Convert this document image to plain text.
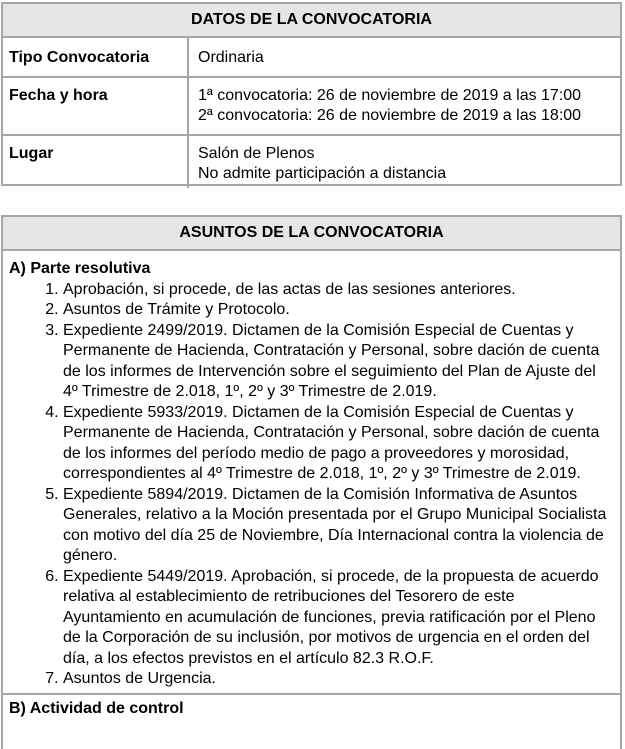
DATOS DE LA CONVOCATORIA
Tipo Convocatoria	Ordinaria

Fecha y hora	1ª convocatoria: 26 de noviembre de 2019 a las 17:00
2ª convocatoria: 26 de noviembre de 2019 a las 18:00

Lugar	Salón de Plenos
No admite participación a distancia
ASUNTOS DE LA CONVOCATORIA
A) Parte resolutiva
1. Aprobación, si procede, de las actas de las sesiones anteriores.
2. Asuntos de Trámite y Protocolo.
3. Expediente 2499/2019. Dictamen de la Comisión Especial de Cuentas y Permanente de Hacienda, Contratación y Personal, sobre dación de cuenta de los informes de Intervención sobre el seguimiento del Plan de Ajuste del 4º Trimestre de 2.018, 1º, 2º y 3º Trimestre de 2.019.
4. Expediente 5933/2019. Dictamen de la Comisión Especial de Cuentas y Permanente de Hacienda, Contratación y Personal, sobre dación de cuenta de los informes del período medio de pago a proveedores y morosidad, correspondientes al 4º Trimestre de 2.018, 1º, 2º y 3º Trimestre de 2.019.
5. Expediente 5894/2019. Dictamen de la Comisión Informativa de Asuntos Generales, relativo a la Moción presentada por el Grupo Municipal Socialista con motivo del día 25 de Noviembre, Día Internacional contra la violencia de género.
6. Expediente 5449/2019. Aprobación, si procede, de la propuesta de acuerdo relativa al establecimiento de retribuciones del Tesorero de este Ayuntamiento en acumulación de funciones, previa ratificación por el Pleno de la Corporación de su inclusión, por motivos de urgencia en el orden del día, a los efectos previstos en el artículo 82.3 R.O.F.
7. Asuntos de Urgencia.
B) Actividad de control
